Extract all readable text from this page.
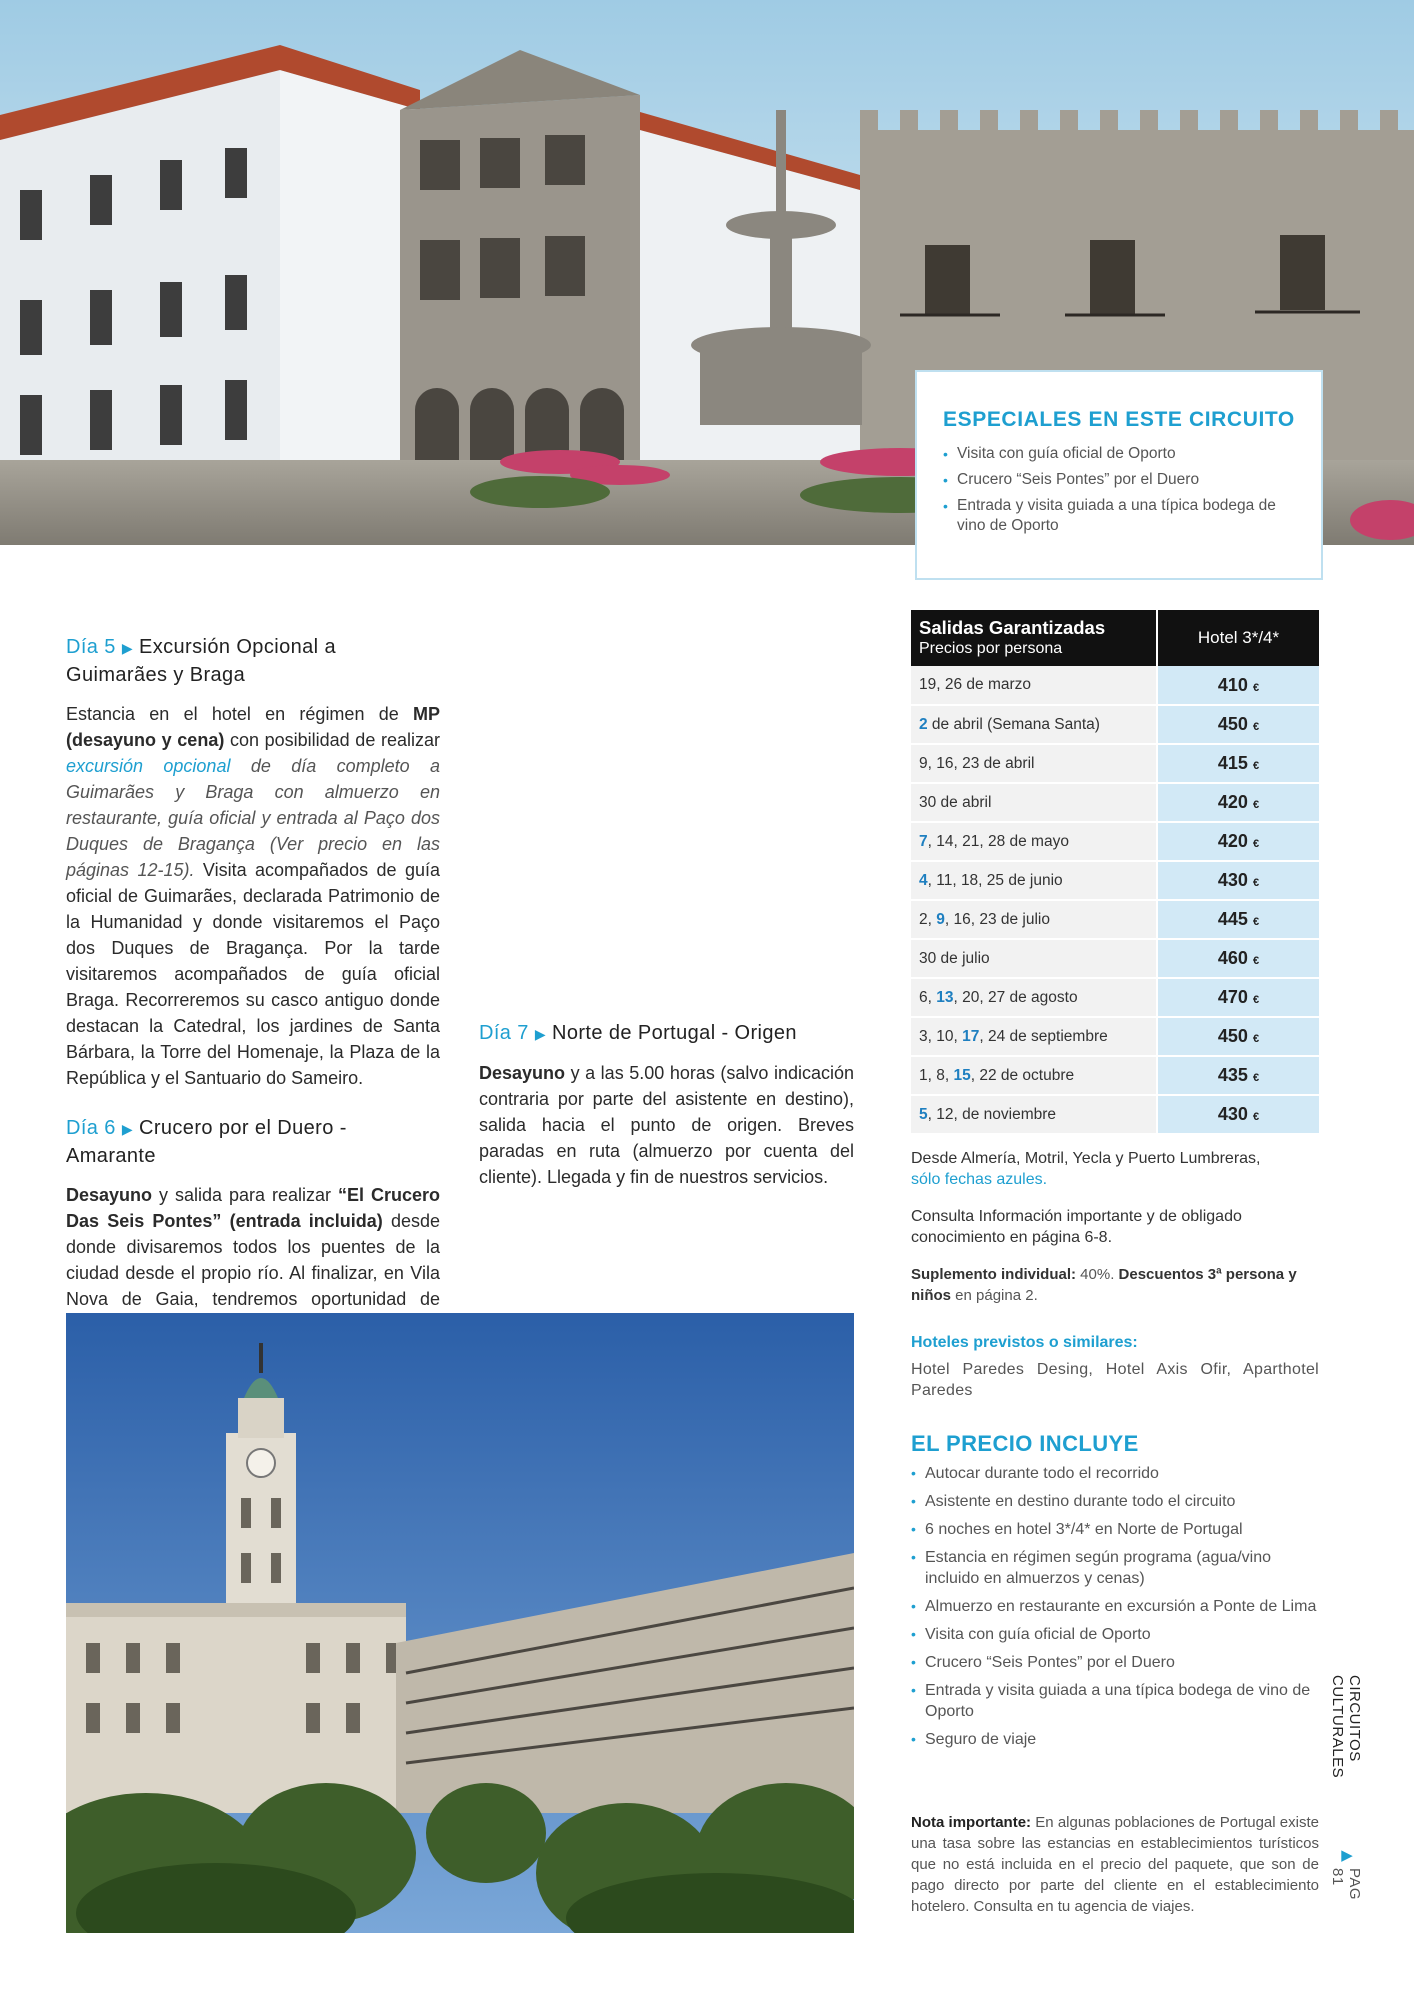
ESPECIALES EN ESTE CIRCUITO
• Visita con guía oficial de Oporto
• Crucero “Seis Pontes” por el Duero
• Entrada y visita guiada a una típica bodega de vino de Oporto
Día 5 ▶ Excursión Opcional a Guimarães y Braga

Estancia en el hotel en régimen de MP (desayuno y cena) con posibilidad de realizar excursión opcional de día completo a Guimarães y Braga con almuerzo en restaurante, guía oficial y entrada al Paço dos Duques de Bragança (Ver precio en las páginas 12-15). Visita acompañados de guía oficial de Guimarães, declarada Patrimonio de la Humanidad y donde visitaremos el Paço dos Duques de Bragança. Por la tarde visitaremos acompañados de guía oficial Braga. Recorreremos su casco antiguo donde destacan la Catedral, los jardines de Santa Bárbara, la Torre del Homenaje, la Plaza de la República y el Santuario do Sameiro.

Día 6 ▶ Crucero por el Duero - Amarante

Desayuno y salida para realizar “El Crucero Das Seis Pontes” (entrada incluida) desde donde divisaremos todos los puentes de la ciudad desde el propio río. Al finalizar, en Vila Nova de Gaia, tendremos oportunidad de

Día 7 ▶ Norte de Portugal - Origen

Desayuno y a las 5.00 horas (salvo indicación contraria por parte del asistente en destino), salida hacia el punto de origen. Breves paradas en ruta (almuerzo por cuenta del cliente). Llegada y fin de nuestros servicios.

Salidas Garantizadas
Precios por persona	Hotel 3*/4*
19, 26 de marzo	410 €
2 de abril (Semana Santa)	450 €
9, 16, 23 de abril	415 €
30 de abril	420 €
7, 14, 21, 28 de mayo	420 €
4, 11, 18, 25 de junio	430 €
2, 9, 16, 23 de julio	445 €
30 de julio	460 €
6, 13, 20, 27 de agosto	470 €
3, 10, 17, 24 de septiembre	450 €
1, 8, 15, 22 de octubre	435 €
5, 12, de noviembre	430 €
Desde Almería, Motril, Yecla y Puerto Lumbreras,
sólo fechas azules.
Consulta Información importante y de obligado conocimiento en página 6-8.
Suplemento individual: 40%. Descuentos 3ª persona y niños en página 2.
Hoteles previstos o similares:
Hotel Paredes Desing, Hotel Axis Ofir, Aparthotel Paredes
EL PRECIO INCLUYE
• Autocar durante todo el recorrido
• Asistente en destino durante todo el circuito
• 6 noches en hotel 3*/4* en Norte de Portugal
• Estancia en régimen según programa (agua/vino incluido en almuerzos y cenas)
• Almuerzo en restaurante en excursión a Ponte de Lima
• Visita con guía oficial de Oporto
• Crucero “Seis Pontes” por el Duero
• Entrada y visita guiada a una típica bodega de vino de Oporto
• Seguro de viaje
Nota importante: En algunas poblaciones de Portugal existe una tasa sobre las estancias en establecimientos turísticos que no está incluida en el precio del paquete, que son de pago directo por parte del cliente en el establecimiento hotelero. Consulta en tu agencia de viajes.
CIRCUITOS CULTURALES
▶
PAG 81
